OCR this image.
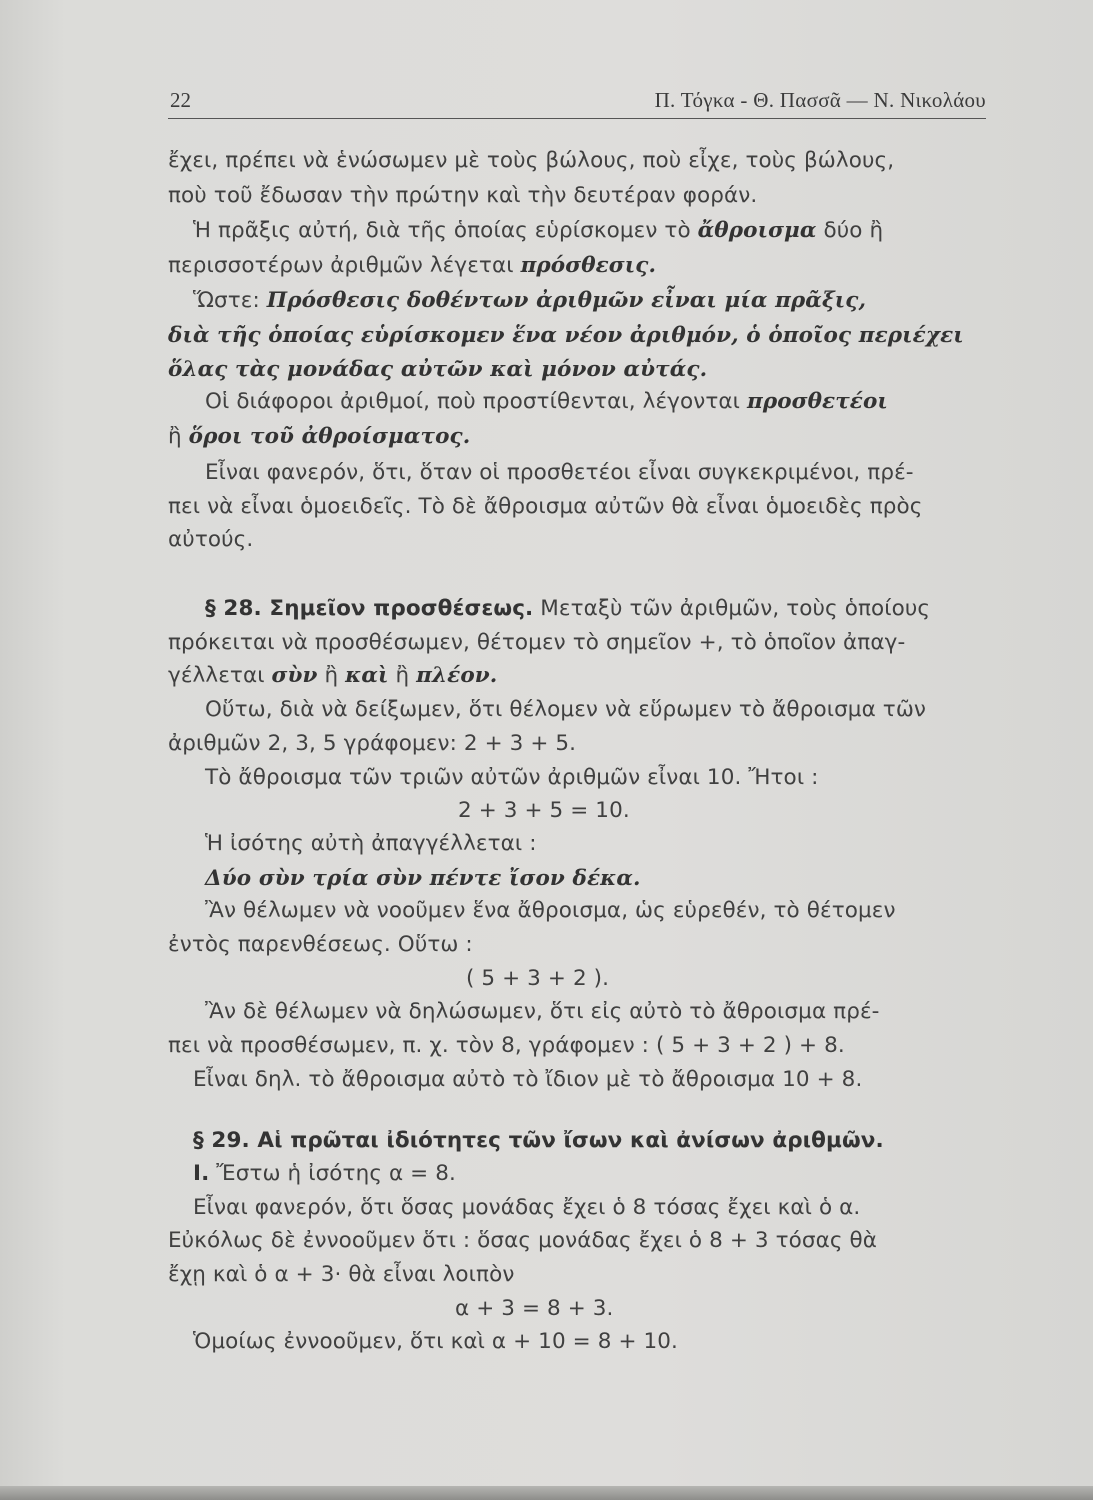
22	Π. Τόγκα - Θ. Πασσᾶ — Ν. Νικολάου
ἔχει, πρέπει νὰ ἑνώσωμεν μὲ τοὺς βώλους, ποὺ εἶχε, τοὺς βώλους,
ποὺ τοῦ ἔδωσαν τὴν πρώτην καὶ τὴν δευτέραν φοράν.
Ἡ πρᾶξις αὐτή, διὰ τῆς ὁποίας εὑρίσκομεν τὸ ἄθροισμα δύο ἢ
περισσοτέρων ἀριθμῶν λέγεται πρόσθεσις.
Ὥστε: Πρόσθεσις δοθέντων ἀριθμῶν εἶναι μία πρᾶξις,
διὰ τῆς ὁποίας εὑρίσκομεν ἕνα νέον ἀριθμόν, ὁ ὁποῖος περιέχει
ὅλας τὰς μονάδας αὐτῶν καὶ μόνον αὐτάς.
Οἱ διάφοροι ἀριθμοί, ποὺ προστίθενται, λέγονται προσθετέοι
ἢ ὅροι τοῦ ἀθροίσματος.
Εἶναι φανερόν, ὅτι, ὅταν οἱ προσθετέοι εἶναι συγκεκριμένοι, πρέ-
πει νὰ εἶναι ὁμοειδεῖς. Τὸ δὲ ἄθροισμα αὐτῶν θὰ εἶναι ὁμοειδὲς πρὸς
αὐτούς.
§ 28. Σημεῖον προσθέσεως. Μεταξὺ τῶν ἀριθμῶν, τοὺς ὁποίους
πρόκειται νὰ προσθέσωμεν, θέτομεν τὸ σημεῖον +, τὸ ὁποῖον ἀπαγ-
γέλλεται σὺν ἢ καὶ ἢ πλέον.
Οὕτω, διὰ νὰ δείξωμεν, ὅτι θέλομεν νὰ εὕρωμεν τὸ ἄθροισμα τῶν
ἀριθμῶν 2, 3, 5 γράφομεν: 2 + 3 + 5.
Τὸ ἄθροισμα τῶν τριῶν αὐτῶν ἀριθμῶν εἶναι 10. Ἤτοι :
2 + 3 + 5 = 10.
Ἡ ἰσότης αὐτὴ ἀπαγγέλλεται :
Δύο σὺν τρία σὺν πέντε ἴσον δέκα.
Ἂν θέλωμεν νὰ νοοῦμεν ἕνα ἄθροισμα, ὡς εὑρεθέν, τὸ θέτομεν
ἐντὸς παρενθέσεως. Οὕτω :
( 5 + 3 + 2 ).
Ἂν δὲ θέλωμεν νὰ δηλώσωμεν, ὅτι εἰς αὐτὸ τὸ ἄθροισμα πρέ-
πει νὰ προσθέσωμεν, π. χ. τὸν 8, γράφομεν : ( 5 + 3 + 2 ) + 8.
Εἶναι δηλ. τὸ ἄθροισμα αὐτὸ τὸ ἴδιον μὲ τὸ ἄθροισμα 10 + 8.
§ 29. Αἱ πρῶται ἰδιότητες τῶν ἴσων καὶ ἀνίσων ἀριθμῶν.
I. Ἔστω ἡ ἰσότης α = 8.
Εἶναι φανερόν, ὅτι ὅσας μονάδας ἔχει ὁ 8 τόσας ἔχει καὶ ὁ α.
Εὐκόλως δὲ ἐννοοῦμεν ὅτι : ὅσας μονάδας ἔχει ὁ 8 + 3 τόσας θὰ
ἔχῃ καὶ ὁ α + 3· θὰ εἶναι λοιπὸν
α + 3 = 8 + 3.
Ὁμοίως ἐννοοῦμεν, ὅτι καὶ α + 10 = 8 + 10.
